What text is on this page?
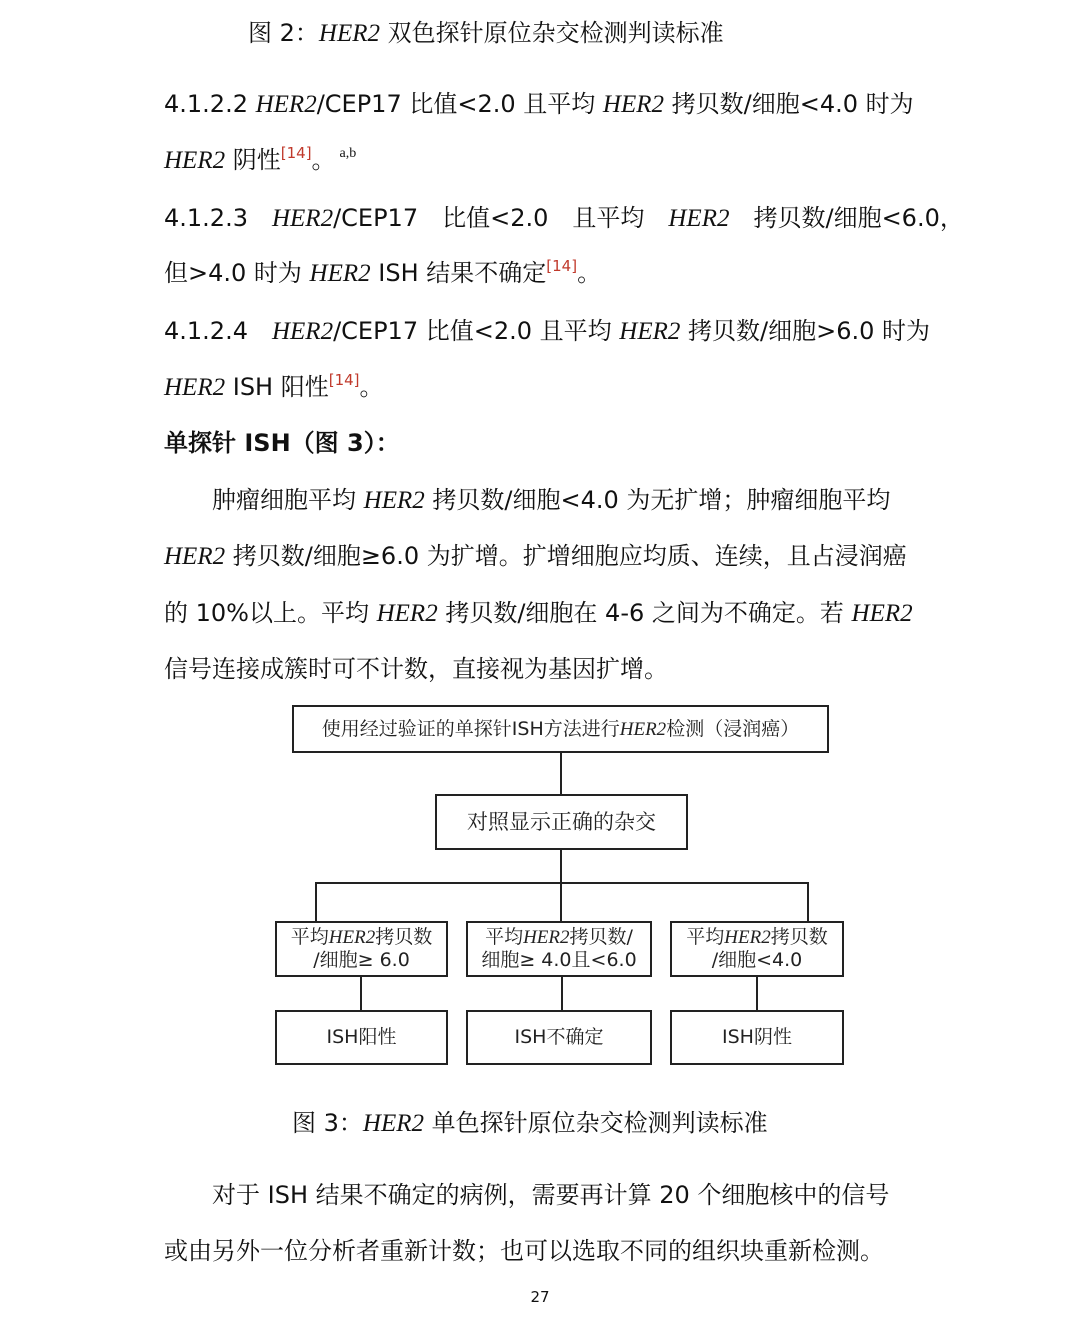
图 2：HER2 双色探针原位杂交检测判读标准
4.1.2.2 HER2/CEP17 比值<2.0 且平均 HER2 拷贝数/细胞<4.0 时为
HER2 阴性[14]。 $^{a,b}$
4.1.2.3　HER2/CEP17　比值<2.0　且平均　HER2　拷贝数/细胞<6.0，
但>4.0 时为 HER2 ISH 结果不确定[14]。
4.1.2.4　HER2/CEP17 比值<2.0 且平均 HER2 拷贝数/细胞>6.0 时为
HER2 ISH 阳性[14]。
单探针 ISH（图 3）：
　　肿瘤细胞平均 HER2 拷贝数/细胞<4.0 为无扩增；肿瘤细胞平均
HER2 拷贝数/细胞≥6.0 为扩增。扩增细胞应均质、连续，且占浸润癌
的 10%以上。平均 HER2 拷贝数/细胞在 4-6 之间为不确定。若 HER2
信号连接成簇时可不计数，直接视为基因扩增。
使用经过验证的单探针ISH方法进行HER2检测（浸润癌）
对照显示正确的杂交
平均HER2拷贝数
/细胞≥ 6.0
平均HER2拷贝数/
细胞≥ 4.0且<6.0
平均HER2拷贝数
/细胞<4.0
ISH阳性	ISH不确定	ISH阴性
图 3：HER2 单色探针原位杂交检测判读标准
　　对于 ISH 结果不确定的病例，需要再计算 20 个细胞核中的信号
或由另外一位分析者重新计数；也可以选取不同的组织块重新检测。
27
